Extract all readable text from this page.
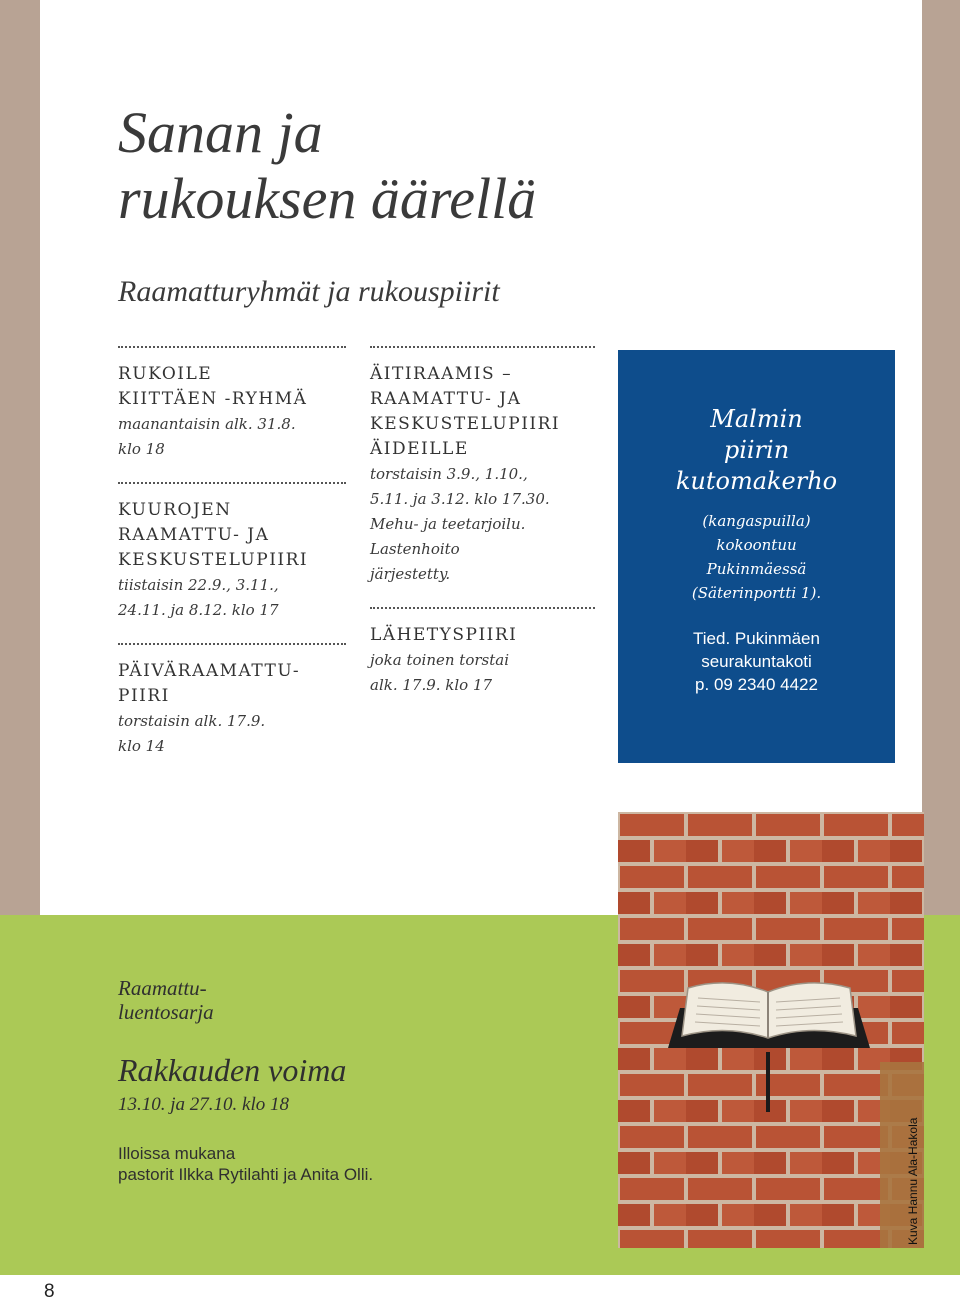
8
Sanan ja
rukouksen äärellä
Raamatturyhmät ja rukouspiirit
RUKOILE
KIITTÄEN -RYHMÄ
maanantaisin alk. 31.8.
klo 18
KUUROJEN
RAAMATTU- JA
KESKUSTELUPIIRI
tiistaisin 22.9., 3.11.,
24.11. ja 8.12. klo 17
PÄIVÄRAAMATTU-
PIIRI
torstaisin alk. 17.9.
klo 14
ÄITIRAAMIS –
RAAMATTU- JA
KESKUSTELUPIIRI
ÄIDEILLE
torstaisin 3.9., 1.10.,
5.11. ja 3.12. klo 17.30.
Mehu- ja teetarjoilu.
Lastenhoito
järjestetty.
LÄHETYSPIIRI
joka toinen torstai
alk. 17.9. klo 17
Malmin
piirin
kutomakerho
(kangaspuilla)
kokoontuu
Pukinmäessä
(Säterinportti 1).
Tied. Pukinmäen
seurakuntakoti
p. 09 2340 4422
Kuva Hannu Ala-Hakola
Raamattu-
luentosarja
Rakkauden voima
13.10. ja 27.10. klo 18
Illoissa mukana
pastorit Ilkka Rytilahti ja Anita Olli.
